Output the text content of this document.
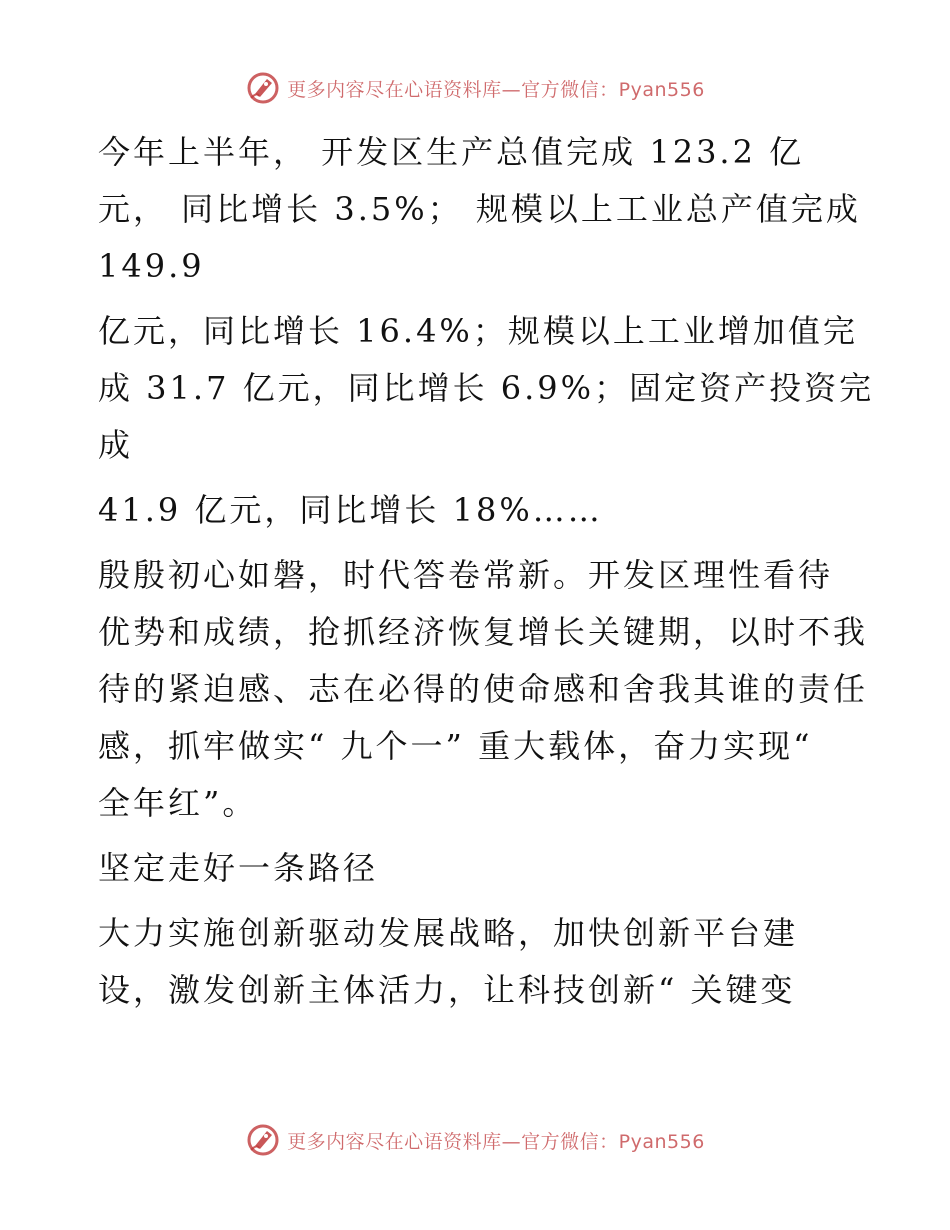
更多内容尽在心语资料库—官方微信：Pyan556
今年上半年， 开发区生产总值完成 123.2 亿
元， 同比增长 3.5%； 规模以上工业总产值完成
149.9
亿元，同比增长 16.4%；规模以上工业增加值完
成 31.7 亿元，同比增长 6.9%；固定资产投资完
成
41.9 亿元，同比增长 18%……
殷殷初心如磐，时代答卷常新。开发区理性看待
优势和成绩，抢抓经济恢复增长关键期，以时不我
待的紧迫感、志在必得的使命感和舍我其谁的责任
感，抓牢做实“ 九个一” 重大载体，奋力实现“
全年红”。
坚定走好一条路径
大力实施创新驱动发展战略，加快创新平台建
设，激发创新主体活力，让科技创新“ 关键变
更多内容尽在心语资料库—官方微信：Pyan556
